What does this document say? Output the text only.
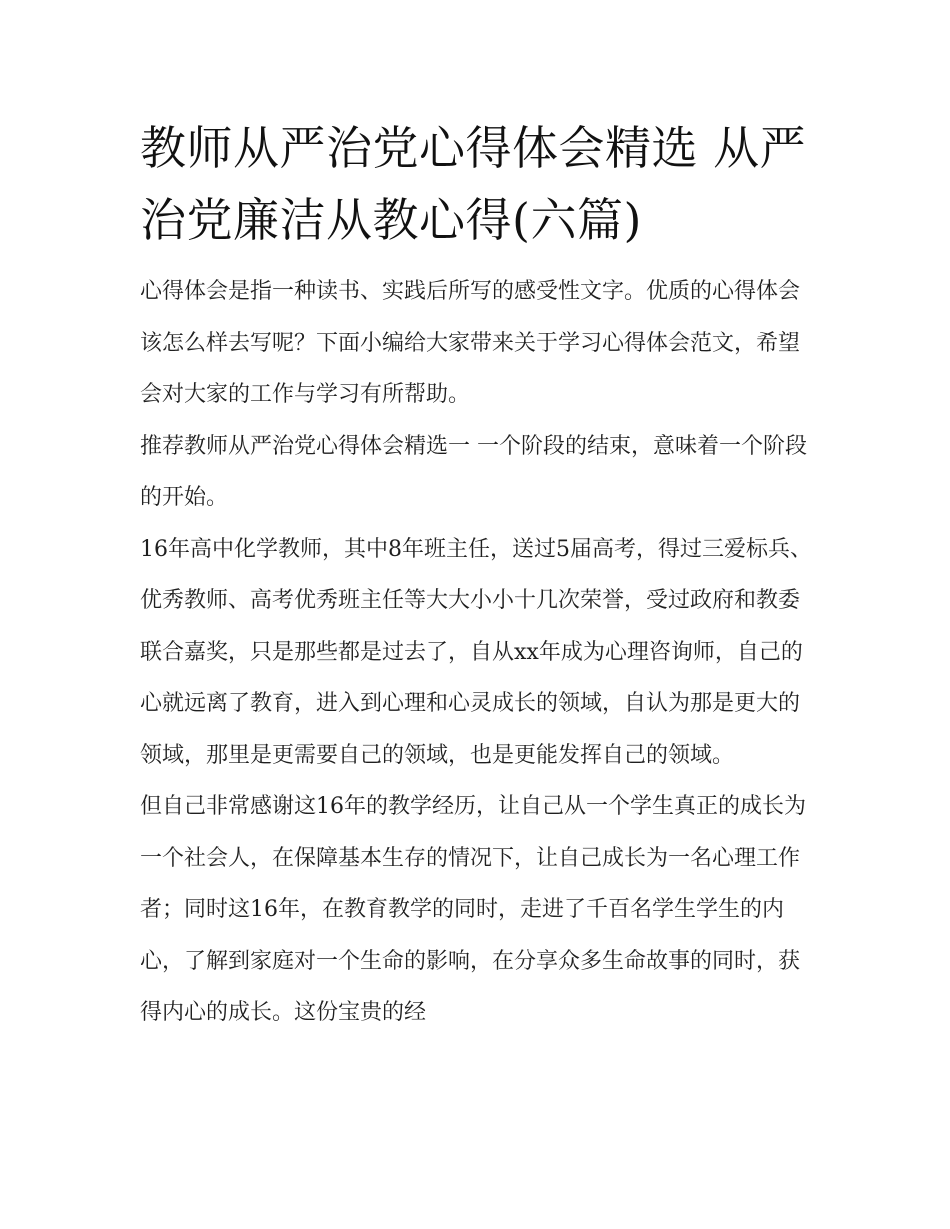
教师从严治党心得体会精选 从严治党廉洁从教心得(六篇)

心得体会是指一种读书、实践后所写的感受性文字。优质的心得体会该怎么样去写呢？下面小编给大家带来关于学习心得体会范文，希望会对大家的工作与学习有所帮助。

推荐教师从严治党心得体会精选一 一个阶段的结束，意味着一个阶段的开始。

16年高中化学教师，其中8年班主任，送过5届高考，得过三爱标兵、优秀教师、高考优秀班主任等大大小小十几次荣誉，受过政府和教委联合嘉奖，只是那些都是过去了，自从xx年成为心理咨询师，自己的心就远离了教育，进入到心理和心灵成长的领域，自认为那是更大的领域，那里是更需要自己的领域，也是更能发挥自己的领域。

但自己非常感谢这16年的教学经历，让自己从一个学生真正的成长为一个社会人，在保障基本生存的情况下，让自己成长为一名心理工作者；同时这16年，在教育教学的同时，走进了千百名学生学生的内心，了解到家庭对一个生命的影响，在分享众多生命故事的同时，获得内心的成长。这份宝贵的经
